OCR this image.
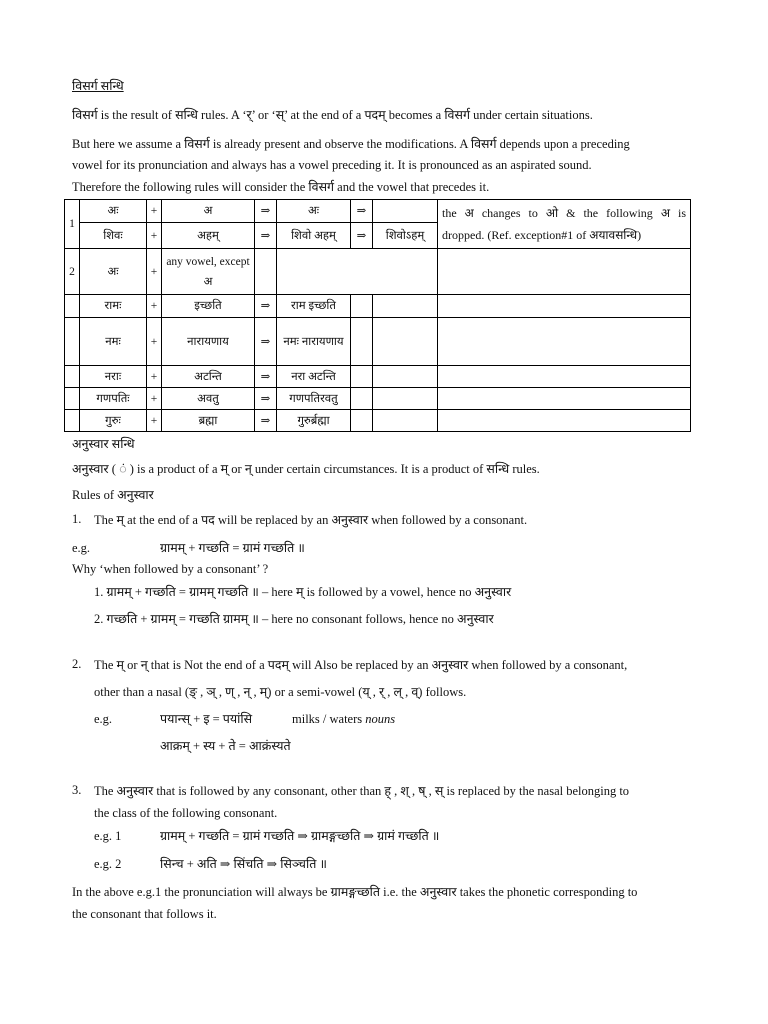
विसर्ग सन्धि
विसर्ग is the result of सन्धि rules. A ‘र्’ or ‘स्’ at the end of a पदम् becomes a विसर्ग under certain situations.
But here we assume a विसर्ग is already present and observe the modifications. A विसर्ग depends upon a preceding
vowel for its pronunciation and always has a vowel preceding it. It is pronounced as an aspirated sound.
Therefore the following rules will consider the विसर्ग and the vowel that precedes it.
1	अः	+	अ	⇒	अः	⇒		the अ changes to ओ & the following अ is dropped. (Ref. exception#1 of अयावसन्धि)
	शिवः	+	अहम्	⇒	शिवो अहम्	⇒	शिवोऽहम्	
2	अः	+	any vowel, except अ					
	रामः	+	इच्छति	⇒	राम इच्छति			
	नमः	+	नारायणाय	⇒	नमः नारायणाय			
	नराः	+	अटन्ति	⇒	नरा अटन्ति			
	गणपतिः	+	अवतु	⇒	गणपतिरवतु			
	गुरुः	+	ब्रह्मा	⇒	गुरुर्ब्रह्मा			
अनुस्वार सन्धि
अनुस्वार ( ं ) is a product of a म् or न् under certain circumstances. It is a product of सन्धि rules.
Rules of अनुस्वार
1. The म् at the end of a पद will be replaced by an अनुस्वार when followed by a consonant.
e.g.	ग्रामम् + गच्छति = ग्रामं गच्छति ॥
Why ‘when followed by a consonant’ ?
1. ग्रामम् + गच्छति = ग्रामम् गच्छति ॥ – here म् is followed by a vowel, hence no अनुस्वार
2. गच्छति + ग्रामम् = गच्छति ग्रामम् ॥ – here no consonant follows, hence no अनुस्वार
2. The म् or न् that is Not the end of a पदम् will Also be replaced by an अनुस्वार when followed by a consonant,
other than a nasal (ङ् , ञ् , ण् , न् , म्) or a semi-vowel (य् , र् , ल् , व्) follows.
e.g.	पयान्स् + इ = पयांसि	milks / waters nouns
आक्रम् + स्य + ते = आक्रंस्यते
3. The अनुस्वार that is followed by any consonant, other than ह् , श् , ष् , स् is replaced by the nasal belonging to
the class of the following consonant.
e.g. 1	ग्रामम् + गच्छति = ग्रामं गच्छति ⇒ ग्रामङ्गच्छति ⇒ ग्रामं गच्छति ॥
e.g. 2	सिन्च + अति ⇒ सिंचति ⇒ सिञ्चति ॥
In the above e.g.1 the pronunciation will always be ग्रामङ्गच्छति i.e. the अनुस्वार takes the phonetic corresponding to
the consonant that follows it.
